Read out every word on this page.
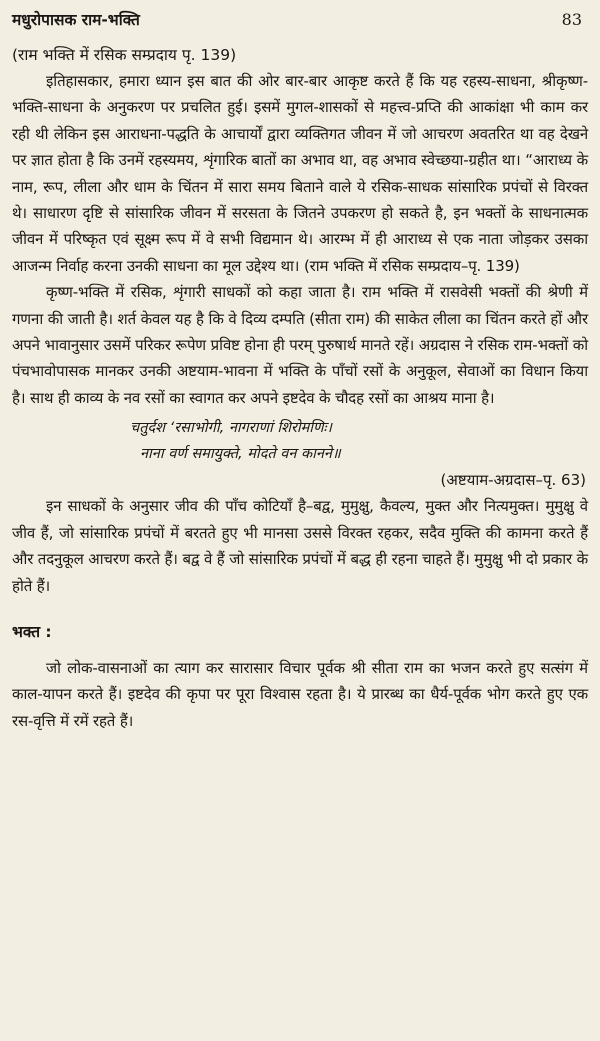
मधुरोपासक राम-भक्ति	83
(राम भक्ति में रसिक सम्प्रदाय पृ. 139)

इतिहासकार, हमारा ध्यान इस बात की ओर बार-बार आकृष्ट करते हैं कि यह रहस्य-साधना, श्रीकृष्ण-भक्ति-साधना के अनुकरण पर प्रचलित हुई। इसमें मुगल-शासकों से महत्त्व-प्रप्ति की आकांक्षा भी काम कर रही थी लेकिन इस आराधना-पद्धति के आचार्यों द्वारा व्यक्तिगत जीवन में जो आचरण अवतरित था वह देखने पर ज्ञात होता है कि उनमें रहस्यमय, शृंगारिक बातों का अभाव था, वह अभाव स्वेच्छया-ग्रहीत था। “आराध्य के नाम, रूप, लीला और धाम के चिंतन में सारा समय बिताने वाले ये रसिक-साधक सांसारिक प्रपंचों से विरक्त थे। साधारण दृष्टि से सांसारिक जीवन में सरसता के जितने उपकरण हो सकते है, इन भक्तों के साधनात्मक जीवन में परिष्कृत एवं सूक्ष्म रूप में वे सभी विद्यमान थे। आरम्भ में ही आराध्य से एक नाता जोड़कर उसका आजन्म निर्वाह करना उनकी साधना का मूल उद्देश्य था। (राम भक्ति में रसिक सम्प्रदाय–पृ. 139)

कृष्ण-भक्ति में रसिक, शृंगारी साधकों को कहा जाता है। राम भक्ति में रासवेसी भक्तों की श्रेणी में गणना की जाती है। शर्त केवल यह है कि वे दिव्य दम्पति (सीता राम) की साकेत लीला का चिंतन करते हों और अपने भावानुसार उसमें परिकर रूपेण प्रविष्ट होना ही परम् पुरुषार्थ मानते रहें। अग्रदास ने रसिक राम-भक्तों को पंचभावोपासक मानकर उनकी अष्टयाम-भावना में भक्ति के पाँचों रसों के अनुकूल, सेवाओं का विधान किया है। साथ ही काव्य के नव रसों का स्वागत कर अपने इष्टदेव के चौदह रसों का आश्रय माना है।

चतुर्दश ‘रसाभोगी, नागराणां शिरोमणिः।
नाना वर्ण समायुक्ते, मोदते वन कानने॥
(अष्टयाम-अग्रदास–पृ. 63)

इन साधकों के अनुसार जीव की पाँच कोटियाँ है–बद्व, मुमुक्षु, कैवल्य, मुक्त और नित्यमुक्त। मुमुक्षु वे जीव हैं, जो सांसारिक प्रपंचों में बरतते हुए भी मानसा उससे विरक्त रहकर, सदैव मुक्ति की कामना करते हैं और तदनुकूल आचरण करते हैं। बद्व वे हैं जो सांसारिक प्रपंचों में बद्ध ही रहना चाहते हैं। मुमुक्षु भी दो प्रकार के होते हैं।

भक्त :

जो लोक-वासनाओं का त्याग कर सारासार विचार पूर्वक श्री सीता राम का भजन करते हुए सत्संग में काल-यापन करते हैं। इष्टदेव की कृपा पर पूरा विश्वास रहता है। ये प्रारब्ध का धैर्य-पूर्वक भोग करते हुए एक रस-वृत्ति में रमें रहते हैं।
